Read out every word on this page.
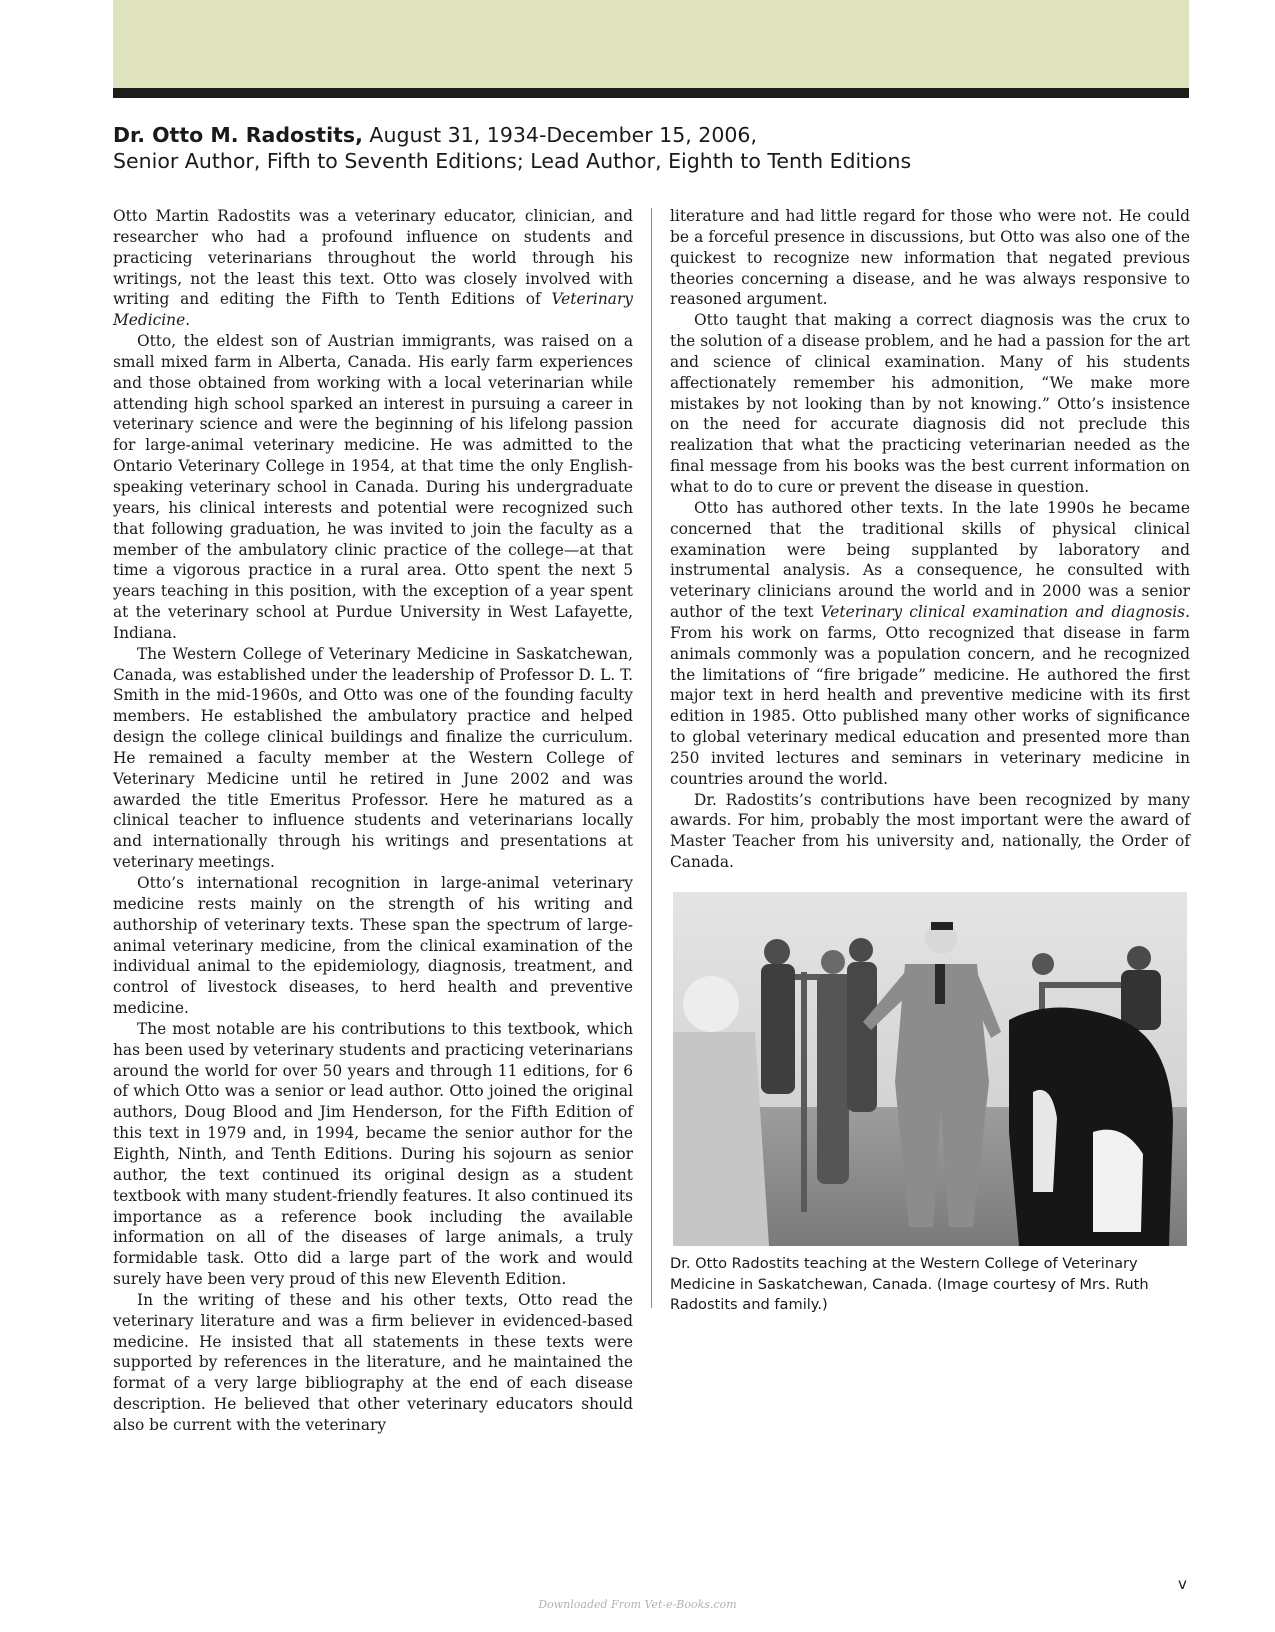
Dr. Otto M. Radostits, August 31, 1934-December 15, 2006,
Senior Author, Fifth to Seventh Editions; Lead Author, Eighth to Tenth Editions

Otto Martin Radostits was a veterinary educator, clinician, and researcher who had a profound influence on students and practicing veterinarians throughout the world through his writings, not the least this text. Otto was closely involved with writing and editing the Fifth to Tenth Editions of Veterinary Medicine.

Otto, the eldest son of Austrian immigrants, was raised on a small mixed farm in Alberta, Canada. His early farm experiences and those obtained from working with a local veterinarian while attending high school sparked an interest in pursuing a career in veterinary science and were the beginning of his lifelong passion for large-animal veterinary medicine. He was admitted to the Ontario Veterinary College in 1954, at that time the only English-speaking veterinary school in Canada. During his undergraduate years, his clinical interests and potential were recognized such that following graduation, he was invited to join the faculty as a member of the ambulatory clinic practice of the college—at that time a vigorous practice in a rural area. Otto spent the next 5 years teaching in this position, with the exception of a year spent at the veterinary school at Purdue University in West Lafayette, Indiana.

The Western College of Veterinary Medicine in Saskatchewan, Canada, was established under the leadership of Professor D. L. T. Smith in the mid-1960s, and Otto was one of the founding faculty members. He established the ambulatory practice and helped design the college clinical buildings and finalize the curriculum. He remained a faculty member at the Western College of Veterinary Medicine until he retired in June 2002 and was awarded the title Emeritus Professor. Here he matured as a clinical teacher to influence students and veterinarians locally and internationally through his writings and presentations at veterinary meetings.

Otto’s international recognition in large-animal veterinary medicine rests mainly on the strength of his writing and authorship of veterinary texts. These span the spectrum of large-animal veterinary medicine, from the clinical examination of the individual animal to the epidemiology, diagnosis, treatment, and control of livestock diseases, to herd health and preventive medicine.

The most notable are his contributions to this textbook, which has been used by veterinary students and practicing veterinarians around the world for over 50 years and through 11 editions, for 6 of which Otto was a senior or lead author. Otto joined the original authors, Doug Blood and Jim Henderson, for the Fifth Edition of this text in 1979 and, in 1994, became the senior author for the Eighth, Ninth, and Tenth Editions. During his sojourn as senior author, the text continued its original design as a student textbook with many student-friendly features. It also continued its importance as a reference book including the available information on all of the diseases of large animals, a truly formidable task. Otto did a large part of the work and would surely have been very proud of this new Eleventh Edition.

In the writing of these and his other texts, Otto read the veterinary literature and was a firm believer in evidenced-based medicine. He insisted that all statements in these texts were supported by references in the literature, and he maintained the format of a very large bibliography at the end of each disease description. He believed that other veterinary educators should also be current with the veterinary

literature and had little regard for those who were not. He could be a forceful presence in discussions, but Otto was also one of the quickest to recognize new information that negated previous theories concerning a disease, and he was always responsive to reasoned argument.

Otto taught that making a correct diagnosis was the crux to the solution of a disease problem, and he had a passion for the art and science of clinical examination. Many of his students affectionately remember his admonition, “We make more mistakes by not looking than by not knowing.” Otto’s insistence on the need for accurate diagnosis did not preclude this realization that what the practicing veterinarian needed as the final message from his books was the best current information on what to do to cure or prevent the disease in question.

Otto has authored other texts. In the late 1990s he became concerned that the traditional skills of physical clinical examination were being supplanted by laboratory and instrumental analysis. As a consequence, he consulted with veterinary clinicians around the world and in 2000 was a senior author of the text Veterinary clinical examination and diagnosis. From his work on farms, Otto recognized that disease in farm animals commonly was a population concern, and he recognized the limitations of “fire brigade” medicine. He authored the first major text in herd health and preventive medicine with its first edition in 1985. Otto published many other works of significance to global veterinary medical education and presented more than 250 invited lectures and seminars in veterinary medicine in countries around the world.

Dr. Radostits’s contributions have been recognized by many awards. For him, probably the most important were the award of Master Teacher from his university and, nationally, the Order of Canada.

Dr. Otto Radostits teaching at the Western College of Veterinary Medicine in Saskatchewan, Canada. (Image courtesy of Mrs. Ruth Radostits and family.)
v
Downloaded From Vet-e-Books.com
